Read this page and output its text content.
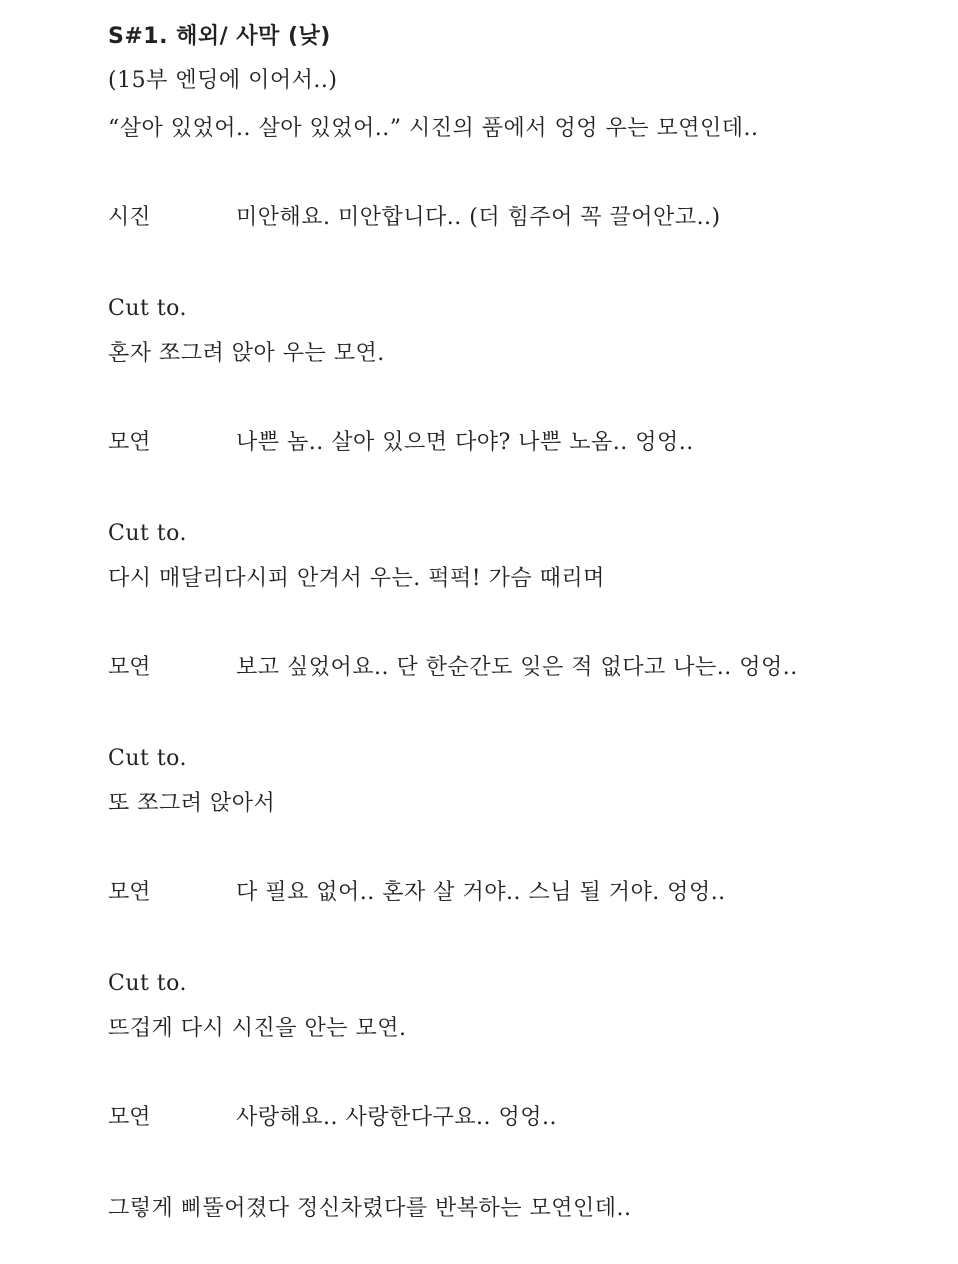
S#1. 해외/ 사막 (낮)
(15부 엔딩에 이어서..)
“살아 있었어.. 살아 있었어..” 시진의 품에서 엉엉 우는 모연인데..
시진	미안해요. 미안합니다.. (더 힘주어 꼭 끌어안고..)
Cut to.
혼자 쪼그려 앉아 우는 모연.
모연	나쁜 놈.. 살아 있으면 다야? 나쁜 노옴.. 엉엉..
Cut to.
다시 매달리다시피 안겨서 우는. 퍽퍽! 가슴 때리며
모연	보고 싶었어요.. 단 한순간도 잊은 적 없다고 나는.. 엉엉..
Cut to.
또 쪼그려 앉아서
모연	다 필요 없어.. 혼자 살 거야.. 스님 될 거야. 엉엉..
Cut to.
뜨겁게 다시 시진을 안는 모연.
모연	사랑해요.. 사랑한다구요.. 엉엉..
그렇게 삐뚤어졌다 정신차렸다를 반복하는 모연인데..
